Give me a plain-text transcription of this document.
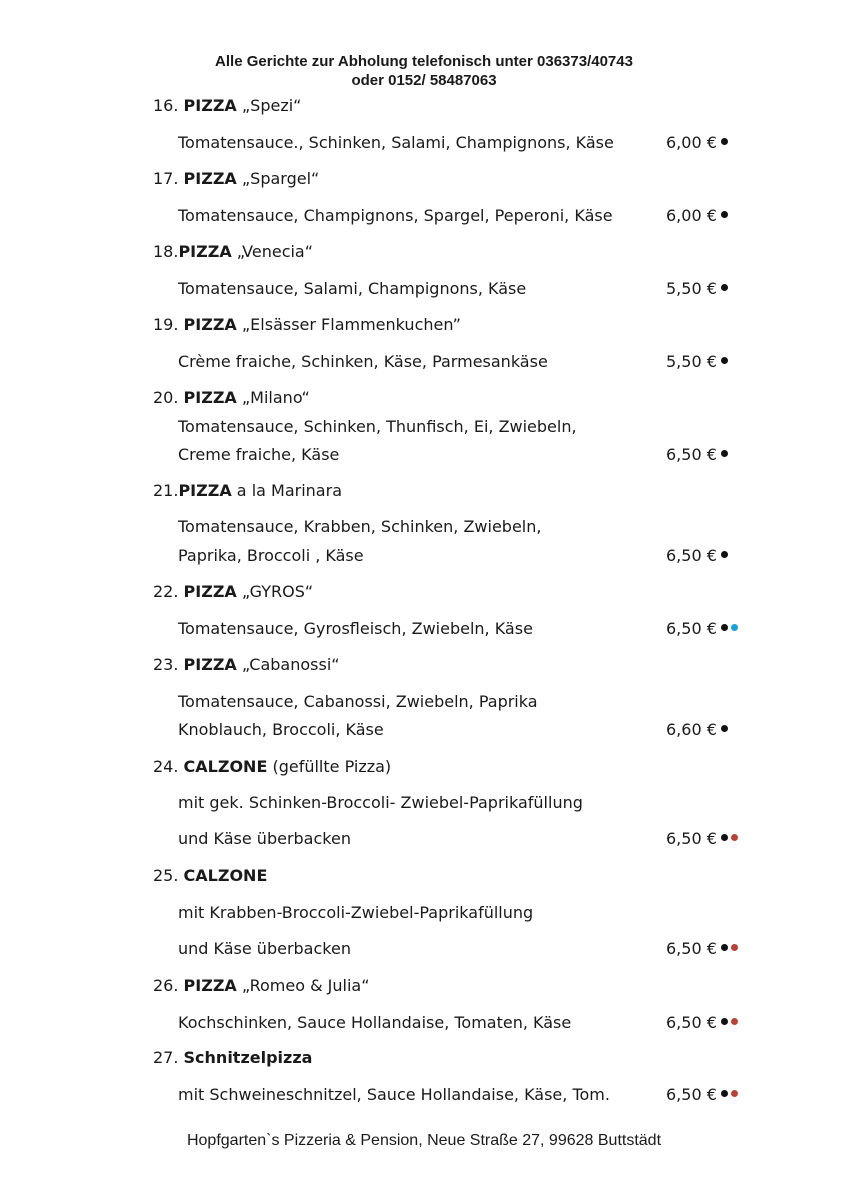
Alle Gerichte zur Abholung telefonisch unter 036373/40743
oder 0152/ 58487063
16. PIZZA „Spezi“
Tomatensauce., Schinken, Salami, Champignons, Käse	6,00 €
17. PIZZA „Spargel“
Tomatensauce, Champignons, Spargel, Peperoni, Käse	6,00 €
18.PIZZA „Venecia“
Tomatensauce, Salami, Champignons, Käse	5,50 €
19. PIZZA „Elsässer Flammenkuchen”
Crème fraiche, Schinken, Käse, Parmesankäse	5,50 €
20. PIZZA „Milano“
Tomatensauce, Schinken, Thunfisch, Ei, Zwiebeln,
Creme fraiche, Käse	6,50 €
21.PIZZA a la Marinara
Tomatensauce, Krabben, Schinken, Zwiebeln,
Paprika, Broccoli , Käse	6,50 €
22. PIZZA „GYROS“
Tomatensauce, Gyrosfleisch, Zwiebeln, Käse	6,50 €
23. PIZZA „Cabanossi“
Tomatensauce, Cabanossi, Zwiebeln, Paprika
Knoblauch, Broccoli, Käse	6,60 €
24. CALZONE (gefüllte Pizza)
mit gek. Schinken-Broccoli- Zwiebel-Paprikafüllung
und Käse überbacken	6,50 €
25. CALZONE
mit Krabben-Broccoli-Zwiebel-Paprikafüllung
und Käse überbacken	6,50 €
26. PIZZA „Romeo & Julia“
Kochschinken, Sauce Hollandaise, Tomaten, Käse	6,50 €
27. Schnitzelpizza
mit Schweineschnitzel, Sauce Hollandaise, Käse, Tom.	6,50 €
Hopfgarten`s Pizzeria & Pension, Neue Straße 27, 99628 Buttstädt
